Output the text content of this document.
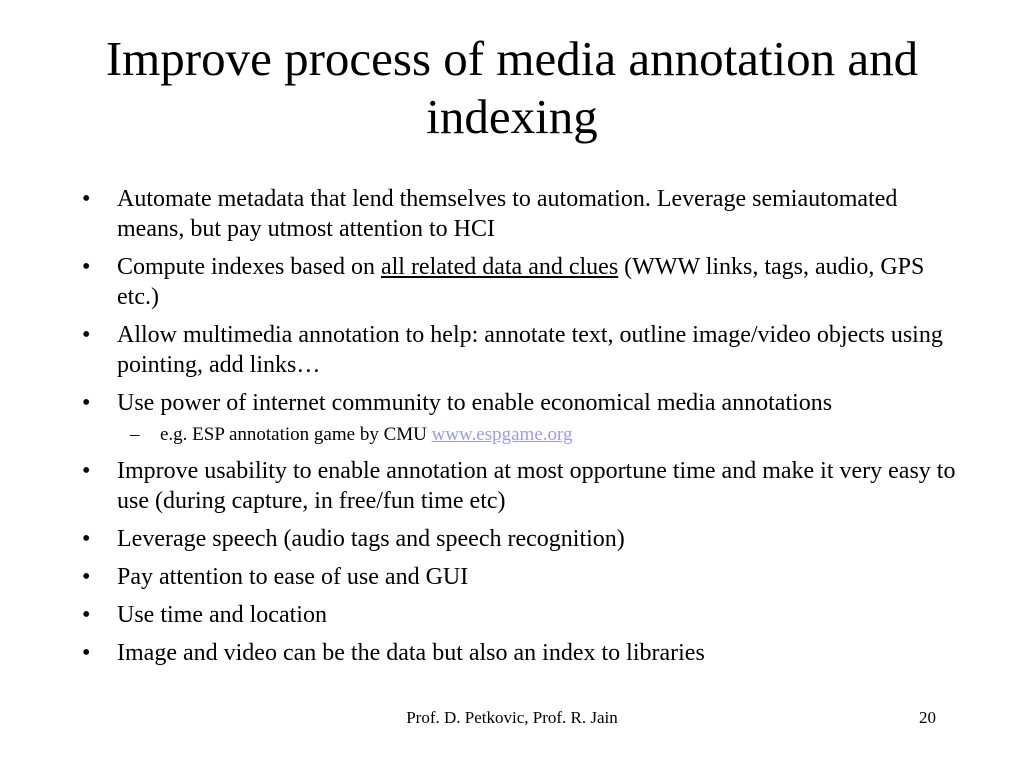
Improve process of media annotation and indexing
• Automate metadata that lend themselves to automation. Leverage semiautomated means, but pay utmost attention to HCI
• Compute indexes based on all related data and clues (WWW links, tags, audio, GPS etc.)
• Allow multimedia annotation to help: annotate text, outline image/video objects using pointing, add links…
• Use power of internet community to enable economical media annotations
– e.g. ESP annotation game by CMU www.espgame.org
• Improve usability to enable annotation at most opportune time and make it very easy to use (during capture, in free/fun time etc)
• Leverage speech (audio tags and speech recognition)
• Pay attention to ease of use and GUI
• Use time and location
• Image and video can be the data but also an index to libraries
Prof. D. Petkovic, Prof. R. Jain	20
